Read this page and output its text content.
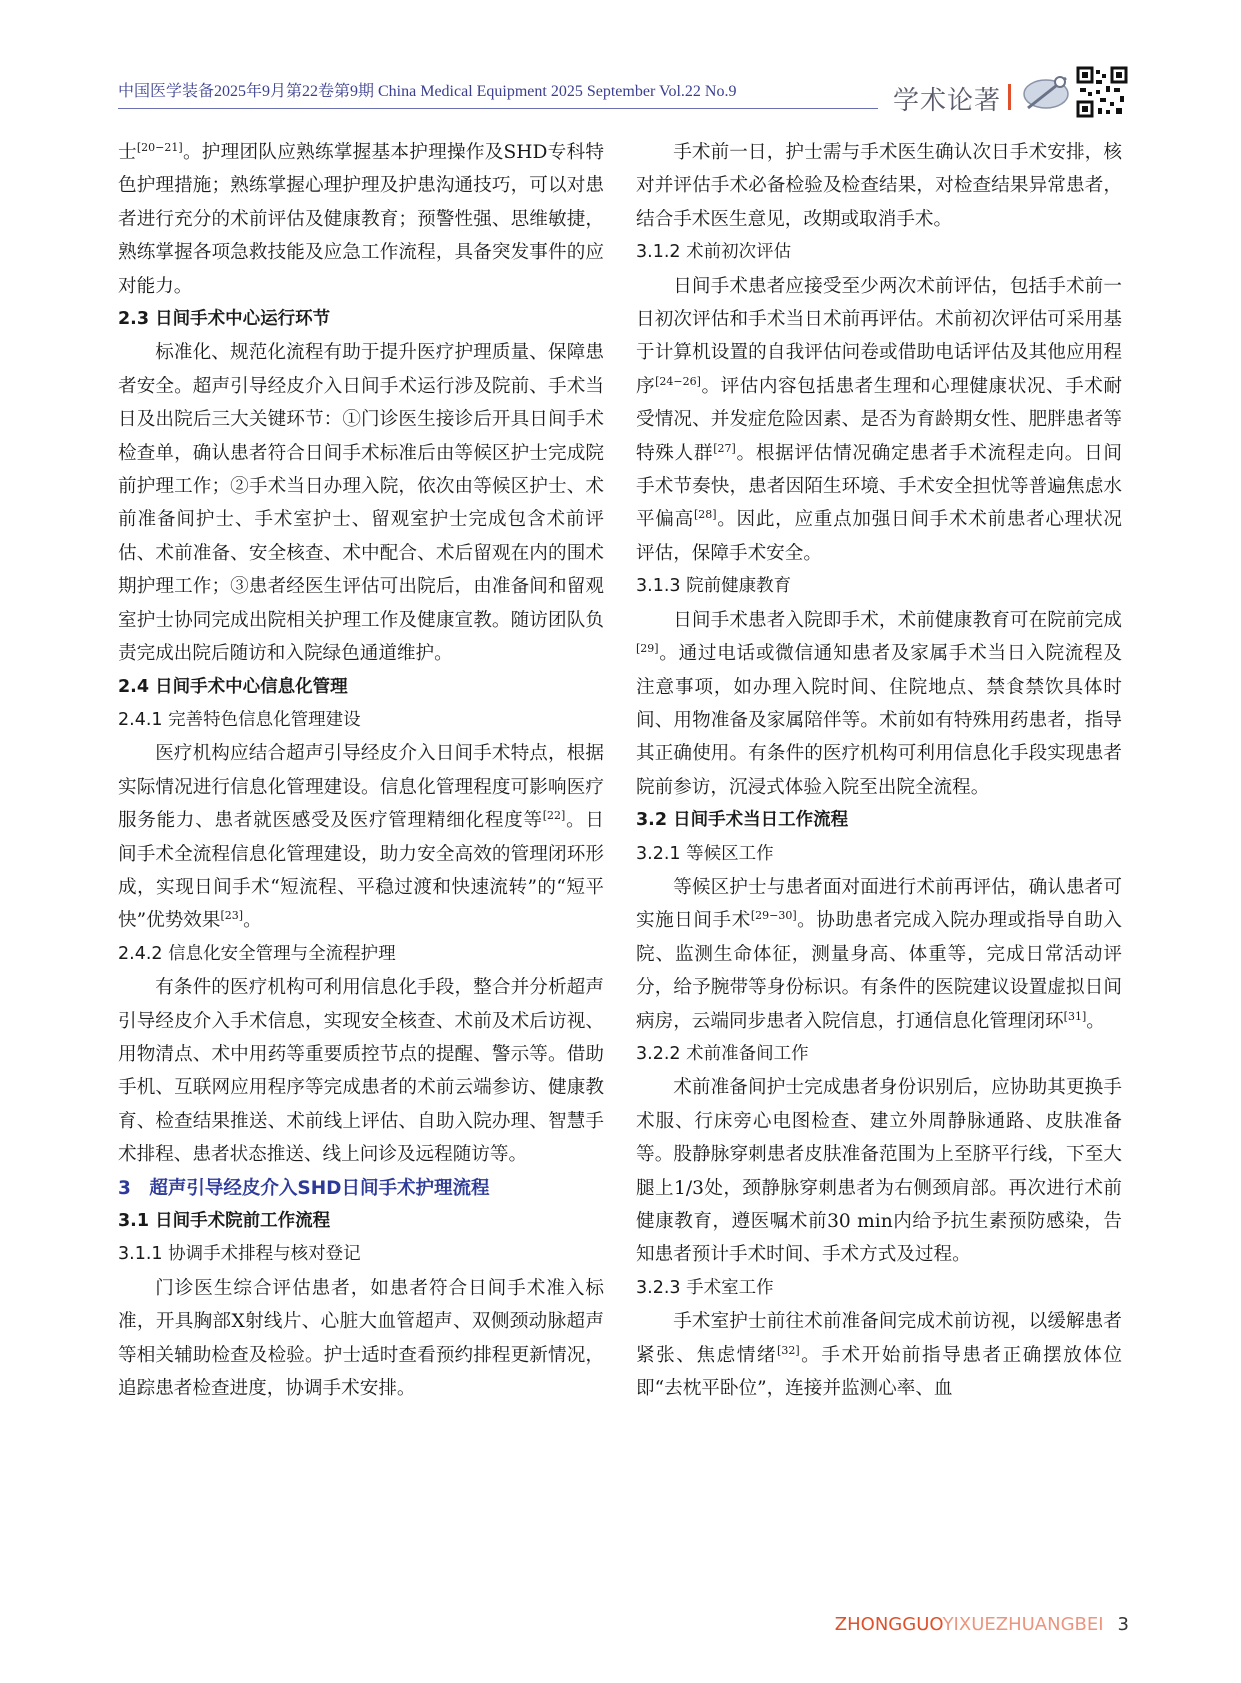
中国医学装备2025年9月第22卷第9期 China Medical Equipment 2025 September Vol.22 No.9	学术论著

士[20−21]。护理团队应熟练掌握基本护理操作及SHD专科特色护理措施；熟练掌握心理护理及护患沟通技巧，可以对患者进行充分的术前评估及健康教育；预警性强、思维敏捷，熟练掌握各项急救技能及应急工作流程，具备突发事件的应对能力。

2.3 日间手术中心运行环节

标准化、规范化流程有助于提升医疗护理质量、保障患者安全。超声引导经皮介入日间手术运行涉及院前、手术当日及出院后三大关键环节：①门诊医生接诊后开具日间手术检查单，确认患者符合日间手术标准后由等候区护士完成院前护理工作；②手术当日办理入院，依次由等候区护士、术前准备间护士、手术室护士、留观室护士完成包含术前评估、术前准备、安全核查、术中配合、术后留观在内的围术期护理工作；③患者经医生评估可出院后，由准备间和留观室护士协同完成出院相关护理工作及健康宣教。随访团队负责完成出院后随访和入院绿色通道维护。

2.4 日间手术中心信息化管理

2.4.1 完善特色信息化管理建设

医疗机构应结合超声引导经皮介入日间手术特点，根据实际情况进行信息化管理建设。信息化管理程度可影响医疗服务能力、患者就医感受及医疗管理精细化程度等[22]。日间手术全流程信息化管理建设，助力安全高效的管理闭环形成，实现日间手术“短流程、平稳过渡和快速流转”的“短平快”优势效果[23]。

2.4.2 信息化安全管理与全流程护理

有条件的医疗机构可利用信息化手段，整合并分析超声引导经皮介入手术信息，实现安全核查、术前及术后访视、用物清点、术中用药等重要质控节点的提醒、警示等。借助手机、互联网应用程序等完成患者的术前云端参访、健康教育、检查结果推送、术前线上评估、自助入院办理、智慧手术排程、患者状态推送、线上问诊及远程随访等。

3　超声引导经皮介入SHD日间手术护理流程

3.1 日间手术院前工作流程

3.1.1 协调手术排程与核对登记

门诊医生综合评估患者，如患者符合日间手术准入标准，开具胸部X射线片、心脏大血管超声、双侧颈动脉超声等相关辅助检查及检验。护士适时查看预约排程更新情况，追踪患者检查进度，协调手术安排。

手术前一日，护士需与手术医生确认次日手术安排，核对并评估手术必备检验及检查结果，对检查结果异常患者，结合手术医生意见，改期或取消手术。

3.1.2 术前初次评估

日间手术患者应接受至少两次术前评估，包括手术前一日初次评估和手术当日术前再评估。术前初次评估可采用基于计算机设置的自我评估问卷或借助电话评估及其他应用程序[24−26]。评估内容包括患者生理和心理健康状况、手术耐受情况、并发症危险因素、是否为育龄期女性、肥胖患者等特殊人群[27]。根据评估情况确定患者手术流程走向。日间手术节奏快，患者因陌生环境、手术安全担忧等普遍焦虑水平偏高[28]。因此，应重点加强日间手术术前患者心理状况评估，保障手术安全。

3.1.3 院前健康教育

日间手术患者入院即手术，术前健康教育可在院前完成[29]。通过电话或微信通知患者及家属手术当日入院流程及注意事项，如办理入院时间、住院地点、禁食禁饮具体时间、用物准备及家属陪伴等。术前如有特殊用药患者，指导其正确使用。有条件的医疗机构可利用信息化手段实现患者院前参访，沉浸式体验入院至出院全流程。

3.2 日间手术当日工作流程

3.2.1 等候区工作

等候区护士与患者面对面进行术前再评估，确认患者可实施日间手术[29−30]。协助患者完成入院办理或指导自助入院、监测生命体征，测量身高、体重等，完成日常活动评分，给予腕带等身份标识。有条件的医院建议设置虚拟日间病房，云端同步患者入院信息，打通信息化管理闭环[31]。

3.2.2 术前准备间工作

术前准备间护士完成患者身份识别后，应协助其更换手术服、行床旁心电图检查、建立外周静脉通路、皮肤准备等。股静脉穿刺患者皮肤准备范围为上至脐平行线，下至大腿上1/3处，颈静脉穿刺患者为右侧颈肩部。再次进行术前健康教育，遵医嘱术前30 min内给予抗生素预防感染，告知患者预计手术时间、手术方式及过程。

3.2.3 手术室工作

手术室护士前往术前准备间完成术前访视，以缓解患者紧张、焦虑情绪[32]。手术开始前指导患者正确摆放体位即“去枕平卧位”，连接并监测心率、血

ZHONGGUOYIXUEZHUANGBEI 3
